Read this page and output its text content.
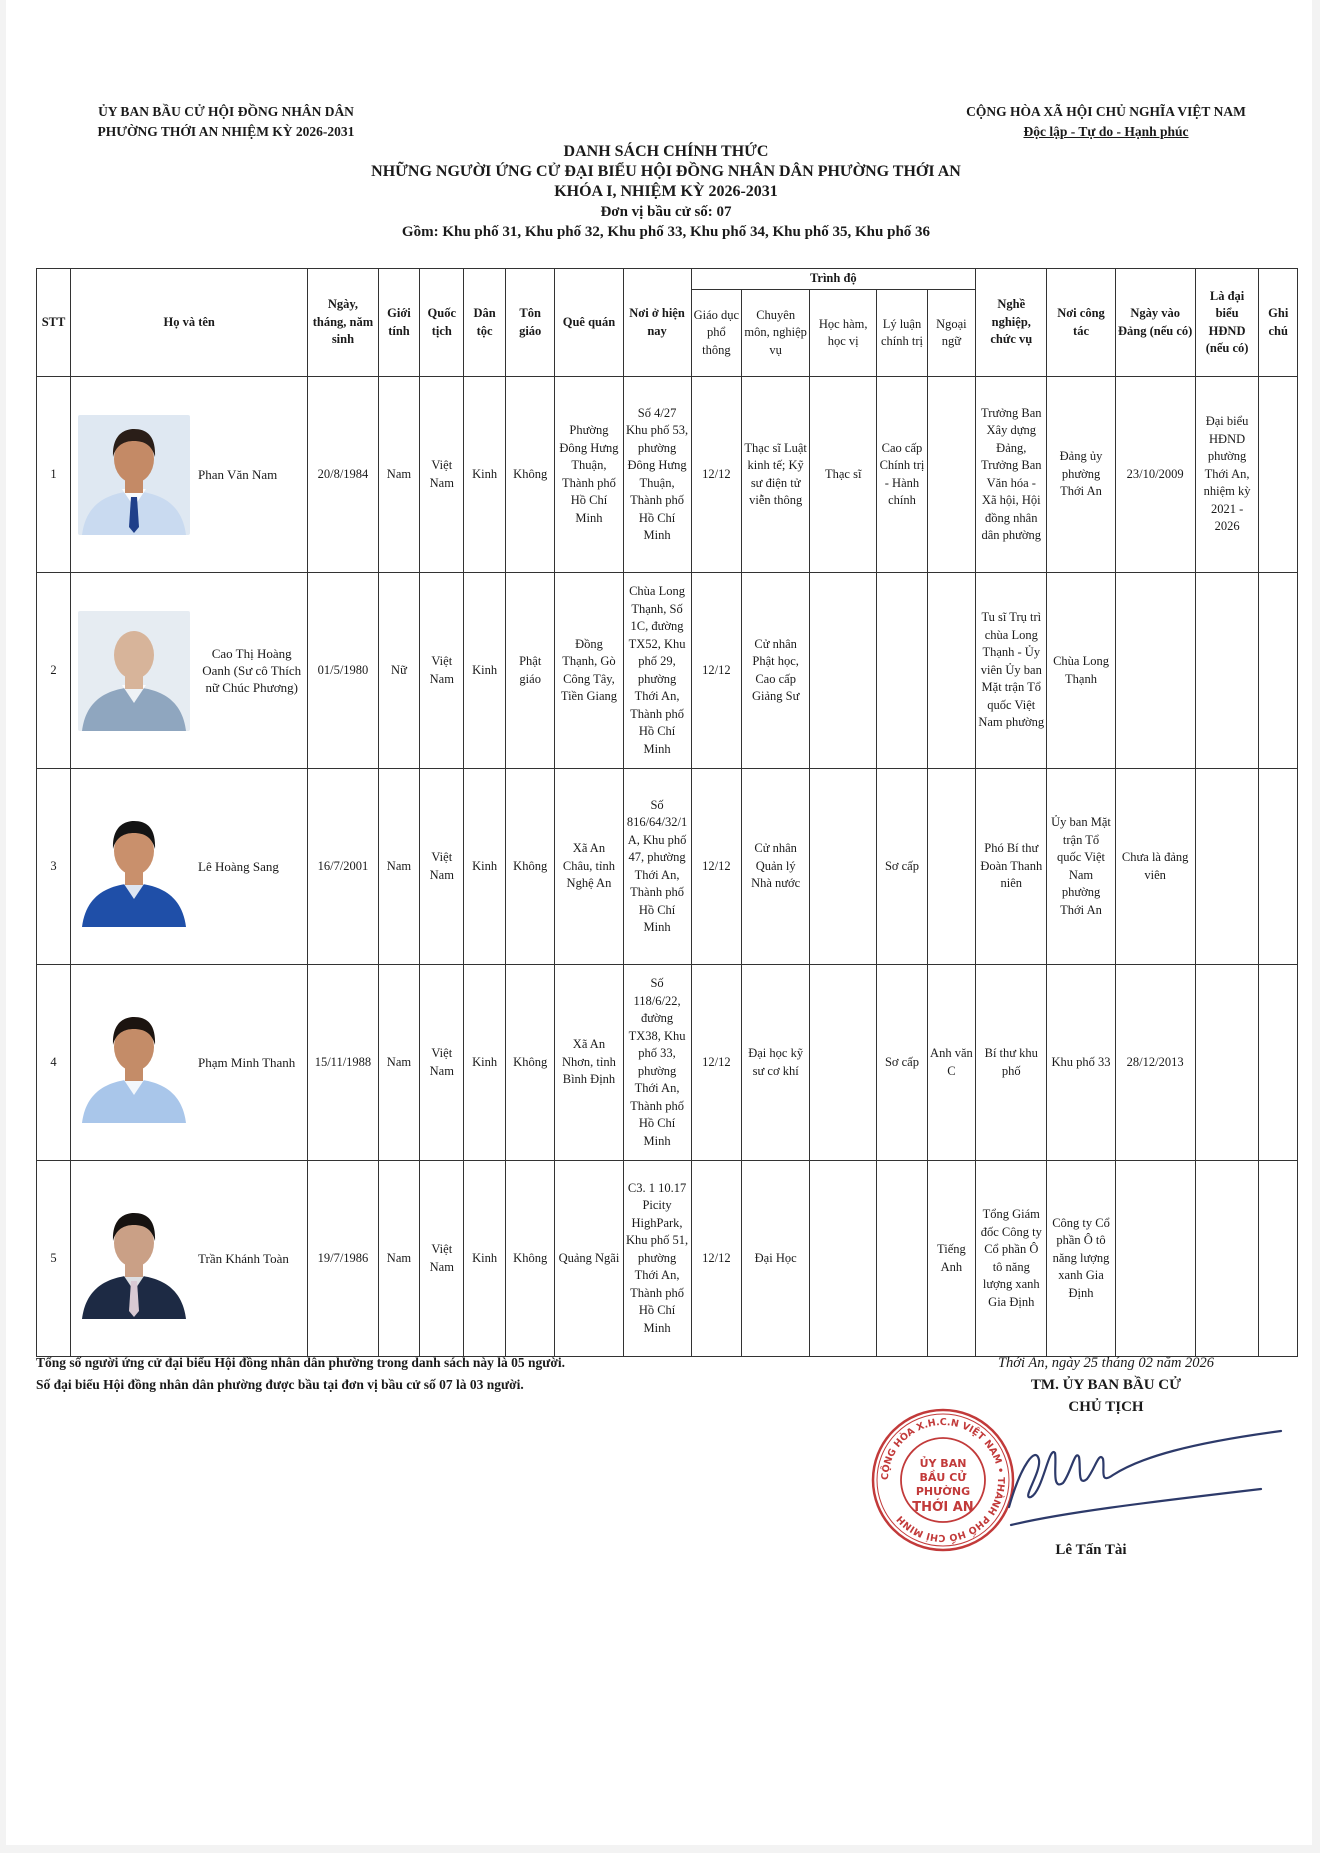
ỦY BAN BẦU CỬ HỘI ĐỒNG NHÂN DÂN
PHƯỜNG THỚI AN NHIỆM KỲ 2026-2031
CỘNG HÒA XÃ HỘI CHỦ NGHĨA VIỆT NAM
Độc lập - Tự do - Hạnh phúc
DANH SÁCH CHÍNH THỨC
NHỮNG NGƯỜI ỨNG CỬ ĐẠI BIỂU HỘI ĐỒNG NHÂN DÂN PHƯỜNG THỚI AN
KHÓA I, NHIỆM KỲ 2026-2031
Đơn vị bầu cử số: 07
Gồm: Khu phố 31, Khu phố 32, Khu phố 33, Khu phố 34, Khu phố 35, Khu phố 36
STT	Họ và tên	Ngày, tháng, năm sinh	Giới tính	Quốc tịch	Dân tộc	Tôn giáo	Quê quán	Nơi ở hiện nay	Trình độ					Nghề nghiệp, chức vụ	Nơi công tác	Ngày vào Đảng (nếu có)	Là đại biểu HĐND (nếu có)	Ghi chú
									Giáo dục phổ thông	Chuyên môn, nghiệp vụ	Học hàm, học vị	Lý luận chính trị	Ngoại ngữ					
1	Phan Văn Nam	20/8/1984	Nam	Việt Nam	Kinh	Không	Phường Đông Hưng Thuận, Thành phố Hồ Chí Minh	Số 4/27 Khu phố 53, phường Đông Hưng Thuận, Thành phố Hồ Chí Minh	12/12	Thạc sĩ Luật kinh tế; Kỹ sư điện tử viễn thông	Thạc sĩ	Cao cấp Chính trị - Hành chính		Trưởng Ban Xây dựng Đảng, Trưởng Ban Văn hóa - Xã hội, Hội đồng nhân dân phường	Đảng ủy phường Thới An	23/10/2009	Đại biểu HĐND phường Thới An, nhiệm kỳ 2021 - 2026	
2	Cao Thị Hoàng Oanh (Sư cô Thích nữ Chúc Phương)	01/5/1980	Nữ	Việt Nam	Kinh	Phật giáo	Đồng Thạnh, Gò Công Tây, Tiền Giang	Chùa Long Thạnh, Số 1C, đường TX52, Khu phố 29, phường Thới An, Thành phố Hồ Chí Minh	12/12	Cử nhân Phật học, Cao cấp Giảng Sư				Tu sĩ Trụ trì chùa Long Thạnh - Ủy viên Ủy ban Mặt trận Tổ quốc Việt Nam phường	Chùa Long Thạnh			
3	Lê Hoàng Sang	16/7/2001	Nam	Việt Nam	Kinh	Không	Xã An Châu, tỉnh Nghệ An	Số 816/64/32/1A, Khu phố 47, phường Thới An, Thành phố Hồ Chí Minh	12/12	Cử nhân Quản lý Nhà nước		Sơ cấp		Phó Bí thư Đoàn Thanh niên	Ủy ban Mặt trận Tổ quốc Việt Nam phường Thới An	Chưa là đảng viên		
4	Phạm Minh Thanh	15/11/1988	Nam	Việt Nam	Kinh	Không	Xã An Nhơn, tỉnh Bình Định	Số 118/6/22, đường TX38, Khu phố 33, phường Thới An, Thành phố Hồ Chí Minh	12/12	Đại học kỹ sư cơ khí		Sơ cấp	Anh văn C	Bí thư khu phố	Khu phố 33	28/12/2013		
5	Trần Khánh Toàn	19/7/1986	Nam	Việt Nam	Kinh	Không	Quảng Ngãi	C3. 1 10.17 Picity HighPark, Khu phố 51, phường Thới An, Thành phố Hồ Chí Minh	12/12	Đại Học			Tiếng Anh	Tổng Giám đốc Công ty Cổ phần Ô tô năng lượng xanh Gia Định	Công ty Cổ phần Ô tô năng lượng xanh Gia Định			
Tổng số người ứng cử đại biểu Hội đồng nhân dân phường trong danh sách này là 05 người.
Số đại biểu Hội đồng nhân dân phường được bầu tại đơn vị bầu cử số 07 là 03 người.
Thới An, ngày 25 tháng 02 năm 2026
TM. ỦY BAN BẦU CỬ
CHỦ TỊCH
CỘNG HÒA X.H.C.N VIỆT NAM • THÀNH PHỐ HỒ CHÍ MINH
ỦY BAN
BẦU CỬ
PHƯỜNG
THỚI AN
Lê Tấn Tài
